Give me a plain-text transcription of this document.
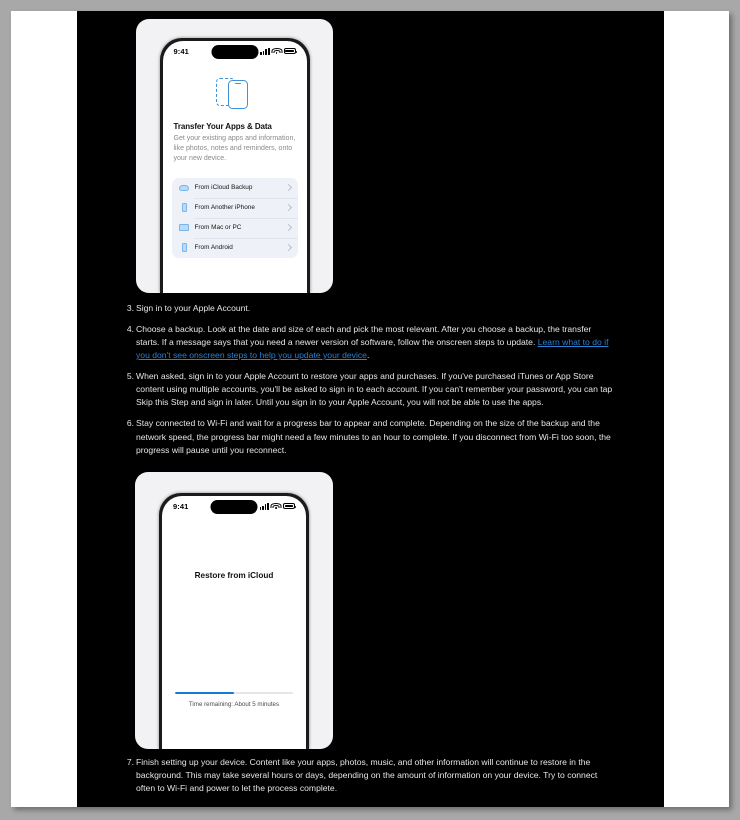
9:41
Transfer Your Apps & Data
Get your existing apps and information, like photos, notes and reminders, onto your new device.
From iCloud Backup
From Another iPhone
From Mac or PC
From Android
3. Sign in to your Apple Account.
4. Choose a backup. Look at the date and size of each and pick the most relevant. After you choose a backup, the transfer starts. If a message says that you need a newer version of software, follow the onscreen steps to update. Learn what to do if you don't see onscreen steps to help you update your device.
5. When asked, sign in to your Apple Account to restore your apps and purchases. If you've purchased iTunes or App Store content using multiple accounts, you'll be asked to sign in to each account. If you can't remember your password, you can tap Skip this Step and sign in later. Until you sign in to your Apple Account, you will not be able to use the apps.
6. Stay connected to Wi-Fi and wait for a progress bar to appear and complete. Depending on the size of the backup and the network speed, the progress bar might need a few minutes to an hour to complete. If you disconnect from Wi-Fi too soon, the progress will pause until you reconnect.
9:41
Restore from iCloud
Time remaining: About 5 minutes
7. Finish setting up your device. Content like your apps, photos, music, and other information will continue to restore in the background. This may take several hours or days, depending on the amount of information on your device. Try to connect often to Wi-Fi and power to let the process complete.
